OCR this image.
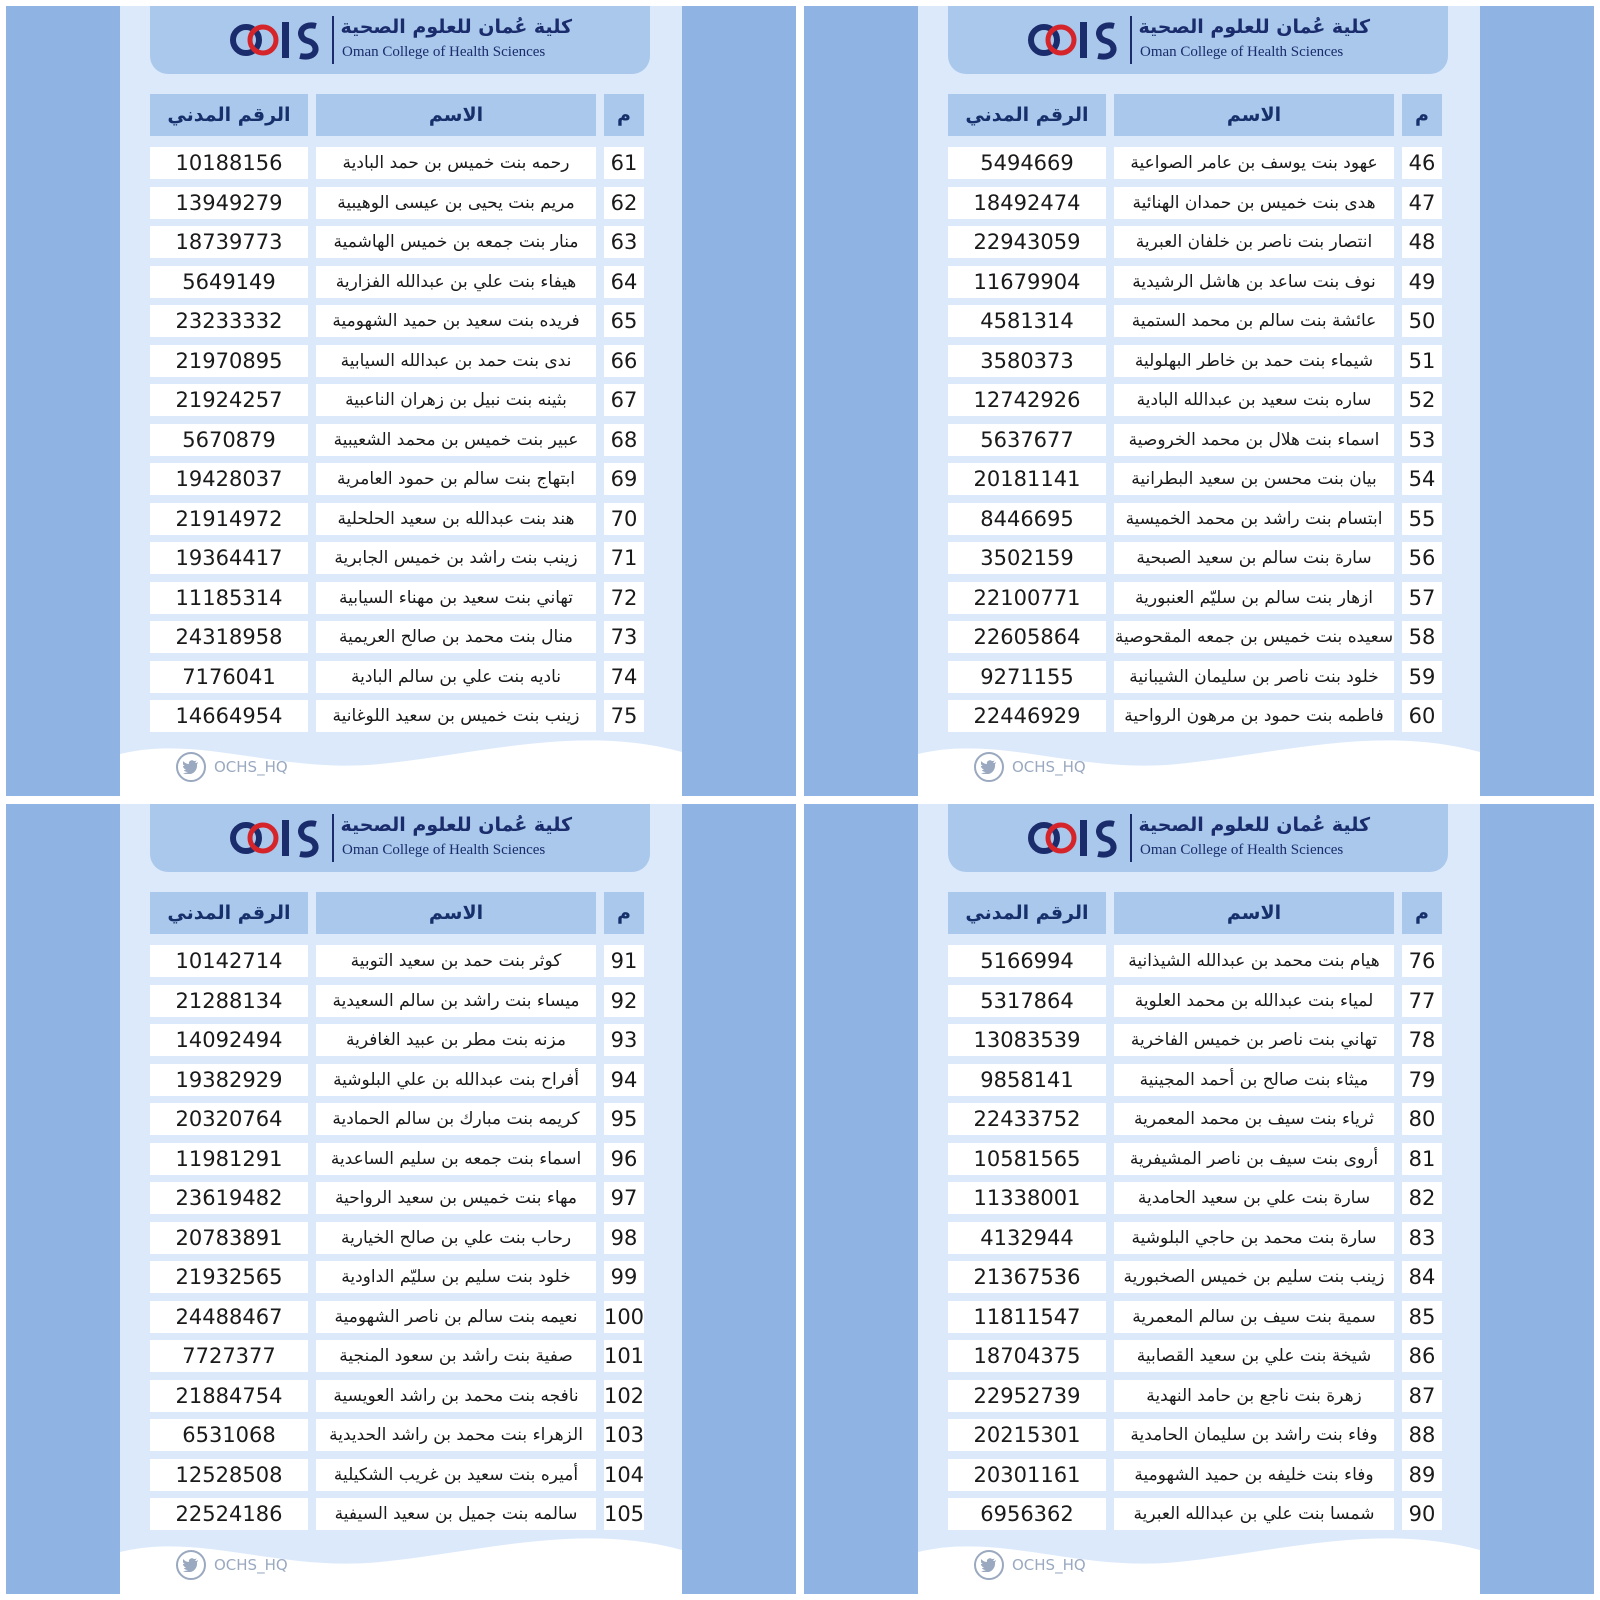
كلية عُمان للعلوم الصحية
Oman College of Health Sciences
الرقم المدني	الاسم	م
10188156	رحمه بنت خميس بن حمد البادية	61
13949279	مريم بنت يحيى بن عيسى الوهيبية	62
18739773	منار بنت جمعه بن خميس الهاشمية	63
5649149	هيفاء بنت علي بن عبدالله الفزارية	64
23233332	فريده بنت سعيد بن حميد الشهومية	65
21970895	ندى بنت حمد بن عبدالله السيابية	66
21924257	بثينه بنت نبيل بن زهران الناعبية	67
5670879	عبير بنت خميس بن محمد الشعيبية	68
19428037	ابتهاج بنت سالم بن حمود العامرية	69
21914972	هند بنت عبدالله بن سعيد الحلحلية	70
19364417	زينب بنت راشد بن خميس الجابرية	71
11185314	تهاني بنت سعيد بن مهناء السيابية	72
24318958	منال بنت محمد بن صالح العريمية	73
7176041	ناديه بنت علي بن سالم البادية	74
14664954	زينب بنت خميس بن سعيد اللوغانية	75
OCHS_HQ
كلية عُمان للعلوم الصحية
Oman College of Health Sciences
الرقم المدني	الاسم	م
5494669	عهود بنت يوسف بن عامر الصواعية	46
18492474	هدى بنت خميس بن حمدان الهنائية	47
22943059	انتصار بنت ناصر بن خلفان العبرية	48
11679904	نوف بنت ساعد بن هاشل الرشيدية	49
4581314	عائشة بنت سالم بن محمد الستمية	50
3580373	شيماء بنت حمد بن خاطر البهلولية	51
12742926	ساره بنت سعيد بن عبدالله البادية	52
5637677	اسماء بنت هلال بن محمد الخروصية	53
20181141	بيان بنت محسن بن سعيد البطرانية	54
8446695	ابتسام بنت راشد بن محمد الخميسية	55
3502159	سارة بنت سالم بن سعيد الصبحية	56
22100771	ازهار بنت سالم بن سليّم العنبورية	57
22605864	سعيده بنت خميس بن جمعه المقحوصية 58
9271155	خلود بنت ناصر بن سليمان الشيبانية	59
22446929	فاطمه بنت حمود بن مرهون الرواحية	60
OCHS_HQ
كلية عُمان للعلوم الصحية
Oman College of Health Sciences
الرقم المدني	الاسم	م
10142714	كوثر بنت حمد بن سعيد التوبية	91
21288134	ميساء بنت راشد بن سالم السعيدية	92
14092494	مزنه بنت مطر بن عبيد الغافرية	93
19382929	أفراح بنت عبدالله بن علي البلوشية	94
20320764	كريمه بنت مبارك بن سالم الحمادية	95
11981291	اسماء بنت جمعه بن سليم الساعدية	96
23619482	مهاء بنت خميس بن سعيد الرواحية	97
20783891	رحاب بنت علي بن صالح الخيارية	98
21932565	خلود بنت سليم بن سليّم الداودية	99
24488467	نعيمه بنت سالم بن ناصر الشهومية	100
7727377	صفية بنت راشد بن سعود المنجية	101
21884754	نافجه بنت محمد بن راشد العويسية	102
6531068	الزهراء بنت محمد بن راشد الحديدية	103
12528508	أميره بنت سعيد بن غريب الشكيلية	104
22524186	سالمه بنت جميل بن سعيد السيفية	105
OCHS_HQ
كلية عُمان للعلوم الصحية
Oman College of Health Sciences
الرقم المدني	الاسم	م
5166994	هيام بنت محمد بن عبدالله الشيذانية	76
5317864	لمياء بنت عبدالله بن محمد العلوية	77
13083539	تهاني بنت ناصر بن خميس الفاخرية	78
9858141	ميثاء بنت صالح بن أحمد المجينية	79
22433752	ثرياء بنت سيف بن محمد المعمرية	80
10581565	أروى بنت سيف بن ناصر المشيفرية	81
11338001	سارة بنت علي بن سعيد الحامدية	82
4132944	سارة بنت محمد بن حاجي البلوشية	83
21367536	زينب بنت سليم بن خميس الصخبورية	84
11811547	سمية بنت سيف بن سالم المعمرية	85
18704375	شيخة بنت علي بن سعيد القصابية	86
22952739	زهرة بنت ناجع بن حامد النهدية	87
20215301	وفاء بنت راشد بن سليمان الحامدية	88
20301161	وفاء بنت خليفه بن حميد الشهومية	89
6956362	شمسا بنت علي بن عبدالله العبرية	90
OCHS_HQ
